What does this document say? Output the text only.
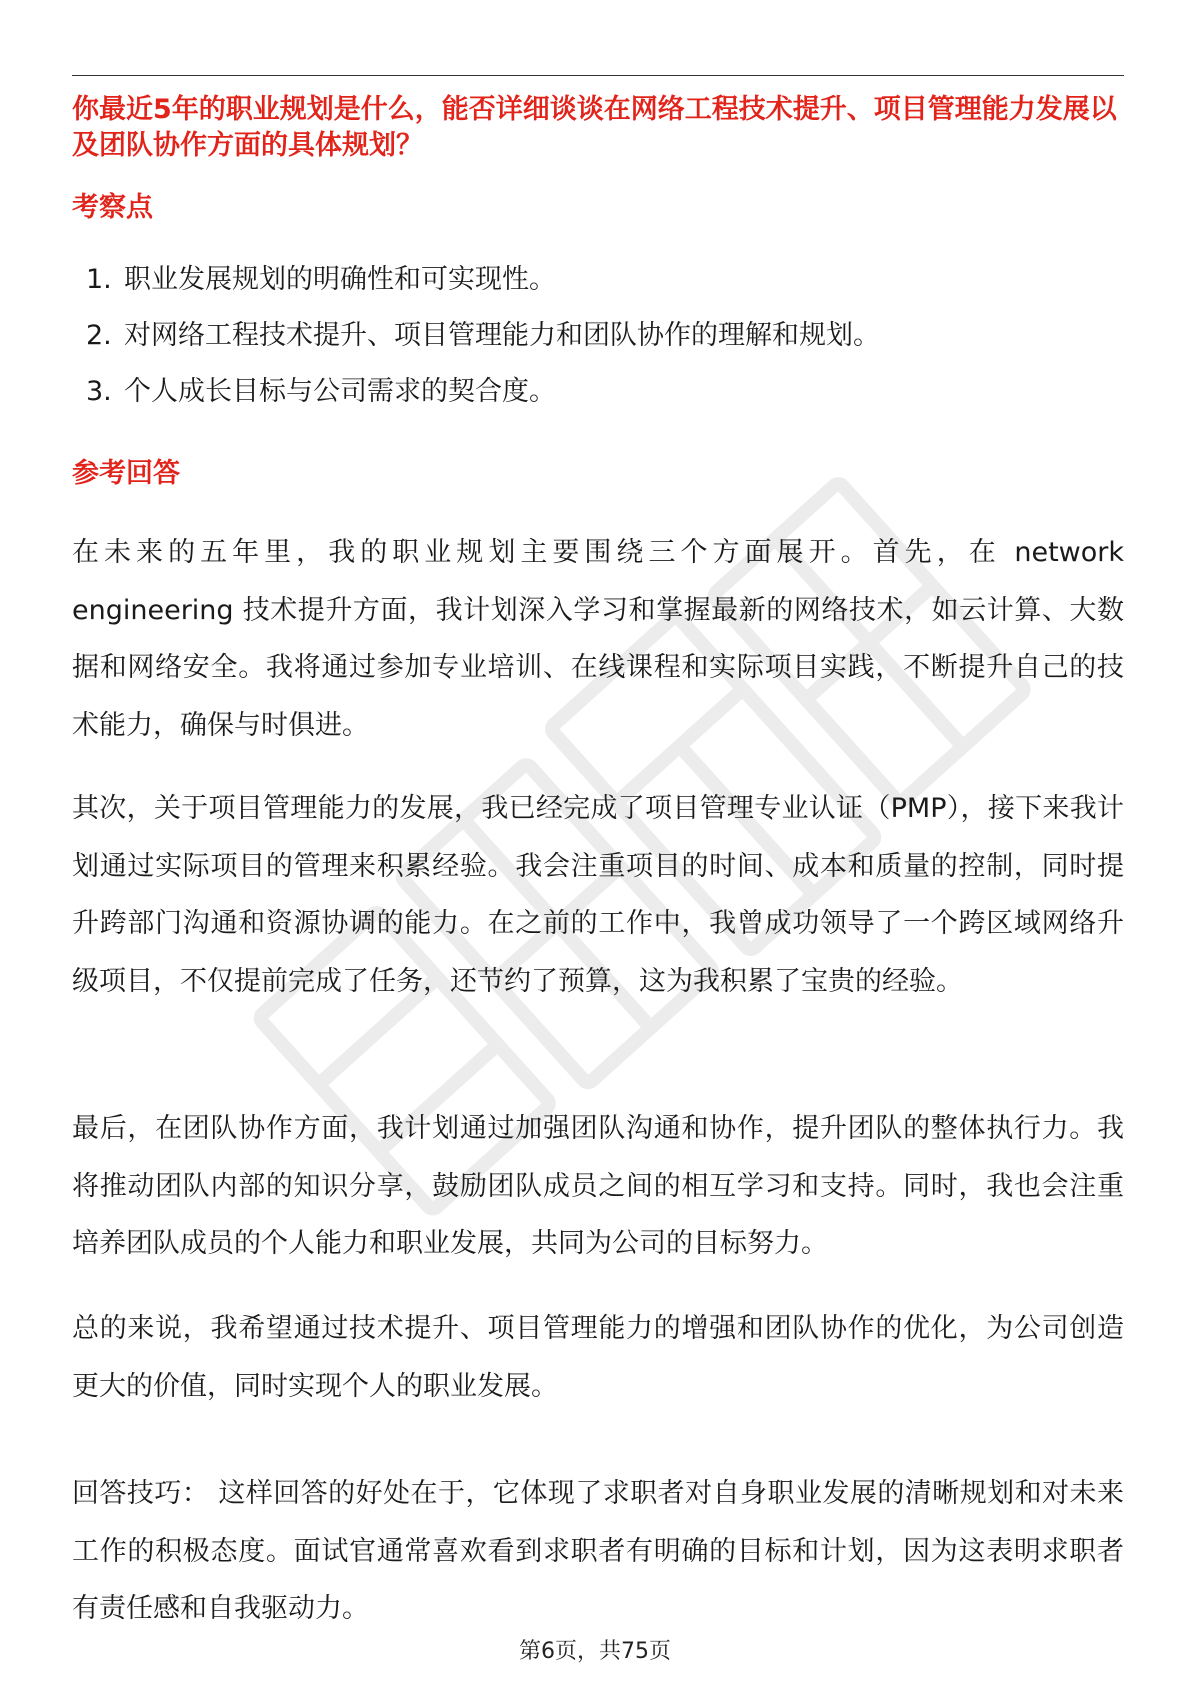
你最近5年的职业规划是什么，能否详细谈谈在网络工程技术提升、项目管理能力发展以及团队协作方面的具体规划？
考察点
1. 职业发展规划的明确性和可实现性。
2. 对网络工程技术提升、项目管理能力和团队协作的理解和规划。
3. 个人成长目标与公司需求的契合度。
参考回答

在未来的五年里，我的职业规划主要围绕三个方面展开。首先，在 network engineering 技术提升方面，我计划深入学习和掌握最新的网络技术，如云计算、大数据和网络安全。我将通过参加专业培训、在线课程和实际项目实践，不断提升自己的技术能力，确保与时俱进。

其次，关于项目管理能力的发展，我已经完成了项目管理专业认证（PMP），接下来我计划通过实际项目的管理来积累经验。我会注重项目的时间、成本和质量的控制，同时提升跨部门沟通和资源协调的能力。在之前的工作中，我曾成功领导了一个跨区域网络升级项目，不仅提前完成了任务，还节约了预算，这为我积累了宝贵的经验。

最后，在团队协作方面，我计划通过加强团队沟通和协作，提升团队的整体执行力。我将推动团队内部的知识分享，鼓励团队成员之间的相互学习和支持。同时，我也会注重培养团队成员的个人能力和职业发展，共同为公司的目标努力。

总的来说，我希望通过技术提升、项目管理能力的增强和团队协作的优化，为公司创造更大的价值，同时实现个人的职业发展。

回答技巧： 这样回答的好处在于，它体现了求职者对自身职业发展的清晰规划和对未来工作的积极态度。面试官通常喜欢看到求职者有明确的目标和计划，因为这表明求职者有责任感和自我驱动力。

第6页，共75页
